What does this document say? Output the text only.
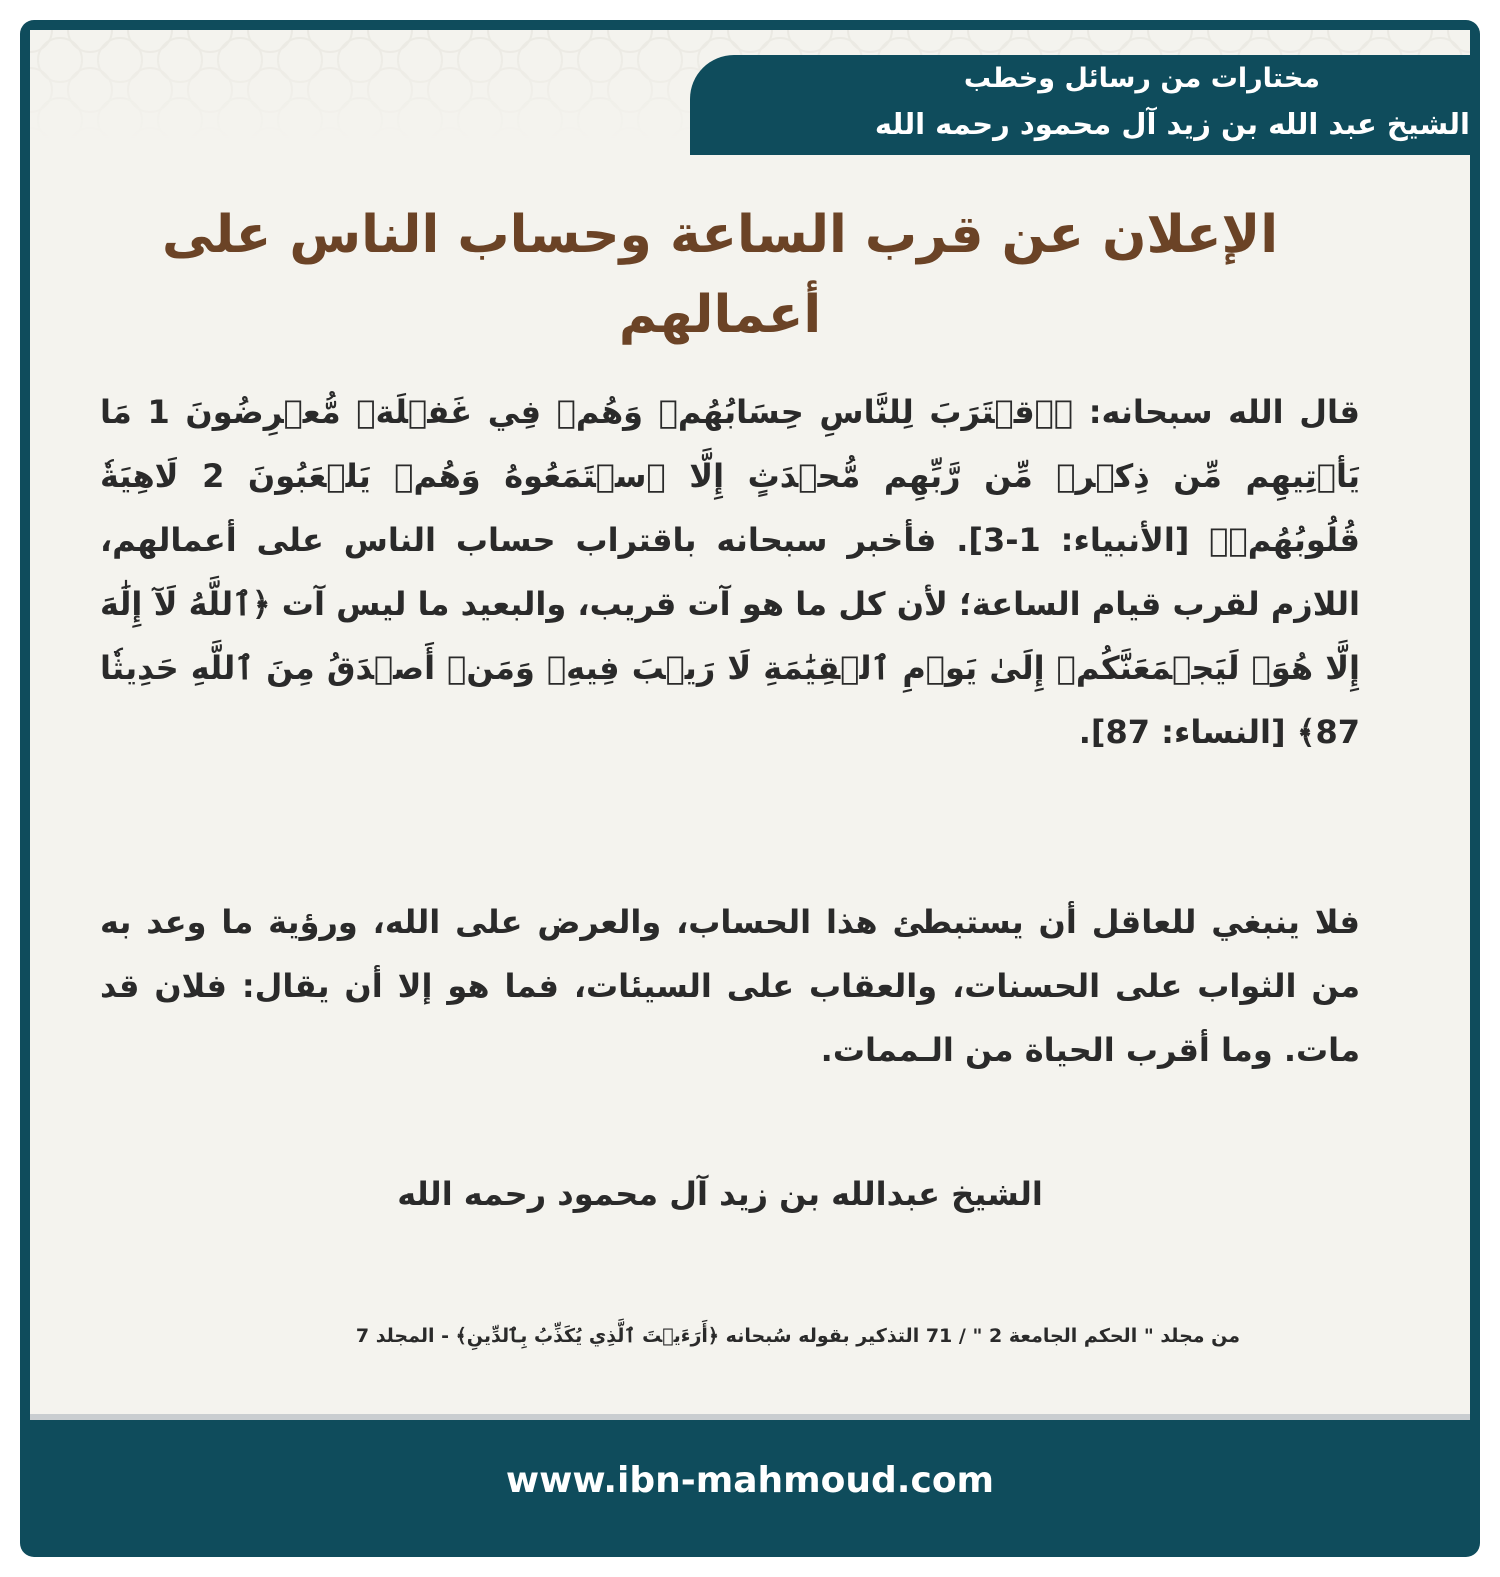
مختارات من رسائل وخطب
الشيخ عبد الله بن زيد آل محمود رحمه الله
الإعلان عن قرب الساعة وحساب الناس على أعمالهم

قال الله سبحانه: ﴿ٱقۡتَرَبَ لِلنَّاسِ حِسَابُهُمۡ وَهُمۡ فِي غَفۡلَةٖ مُّعۡرِضُونَ 1 مَا يَأۡتِيهِم مِّن ذِكۡرٖ مِّن رَّبِّهِم مُّحۡدَثٍ إِلَّا ٱسۡتَمَعُوهُ وَهُمۡ يَلۡعَبُونَ 2 لَاهِيَةٗ قُلُوبُهُمۡ﴾ [الأنبياء: 1-3]. فأخبر سبحانه باقتراب حساب الناس على أعمالهم، اللازم لقرب قيام الساعة؛ لأن كل ما هو آت قريب، والبعيد ما ليس آت ﴿ٱللَّهُ لَآ إِلَٰهَ إِلَّا هُوَۚ لَيَجۡمَعَنَّكُمۡ إِلَىٰ يَوۡمِ ٱلۡقِيَٰمَةِ لَا رَيۡبَ فِيهِۗ وَمَنۡ أَصۡدَقُ مِنَ ٱللَّهِ حَدِيثٗا 87﴾ [النساء: 87].

فلا ينبغي للعاقل أن يستبطئ هذا الحساب، والعرض على الله، ورؤية ما وعد به من الثواب على الحسنات، والعقاب على السيئات، فما هو إلا أن يقال: فلان قد مات. وما أقرب الحياة من الـممات.

الشيخ عبدالله بن زيد آل محمود رحمه الله
من مجلد " الحكم الجامعة 2 " / 71 التذكير بقوله سُبحانه ﴿أَرَءَيۡتَ ٱلَّذِي يُكَذِّبُ بِٱلدِّينِ﴾ - المجلد 7
www.ibn-mahmoud.com
